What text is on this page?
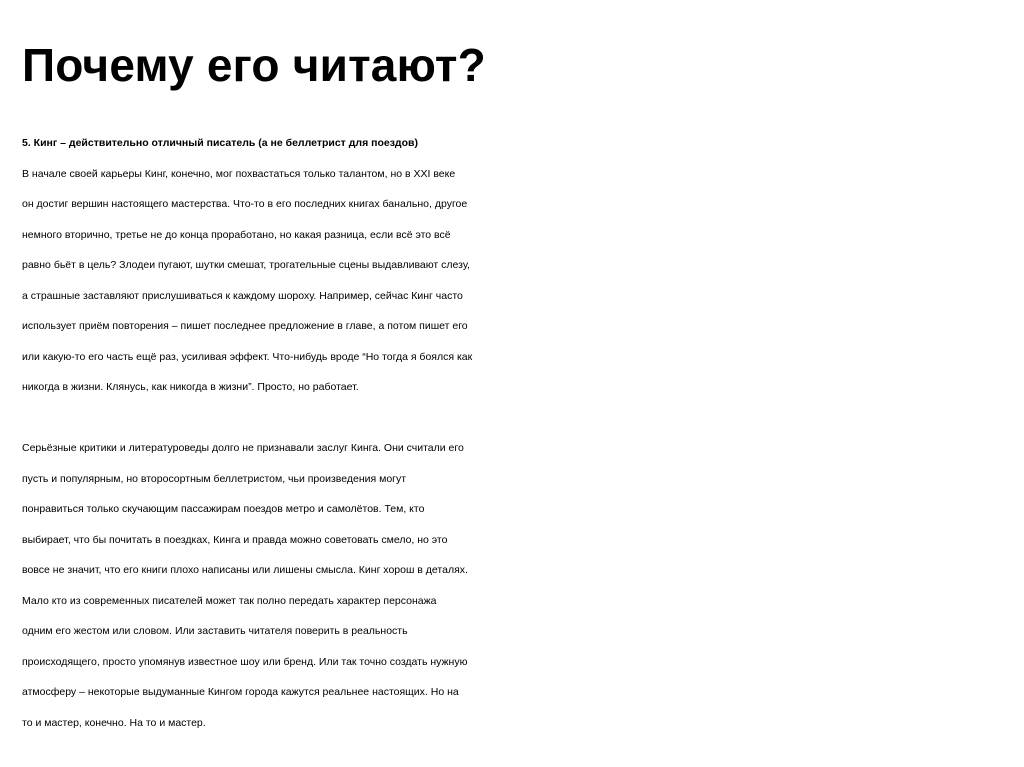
Почему его читают?
5. Кинг – действительно отличный писатель (а не беллетрист для поездов)
В начале своей карьеры Кинг, конечно, мог похвастаться только талантом, но в XXI веке
он достиг вершин настоящего мастерства. Что-то в его последних книгах банально, другое
немного вторично, третье не до конца проработано, но какая разница, если всё это всё
равно бьёт в цель? Злодеи пугают, шутки смешат, трогательные сцены выдавливают слезу,
а страшные заставляют прислушиваться к каждому шороху. Например, сейчас Кинг часто
использует приём повторения – пишет последнее предложение в главе, а потом пишет его
или какую-то его часть ещё раз, усиливая эффект. Что-нибудь вроде “Но тогда я боялся как
никогда в жизни. Клянусь, как никогда в жизни”. Просто, но работает.
Серьёзные критики и литературоведы долго не признавали заслуг Кинга. Они считали его
пусть и популярным, но второсортным беллетристом, чьи произведения могут
понравиться только скучающим пассажирам поездов метро и самолётов. Тем, кто
выбирает, что бы почитать в поездках, Кинга и правда можно советовать смело, но это
вовсе не значит, что его книги плохо написаны или лишены смысла. Кинг хорош в деталях.
Мало кто из современных писателей может так полно передать характер персонажа
одним его жестом или словом. Или заставить читателя поверить в реальность
происходящего, просто упомянув известное шоу или бренд. Или так точно создать нужную
атмосферу – некоторые выдуманные Кингом города кажутся реальнее настоящих. Но на
то и мастер, конечно. На то и мастер.
